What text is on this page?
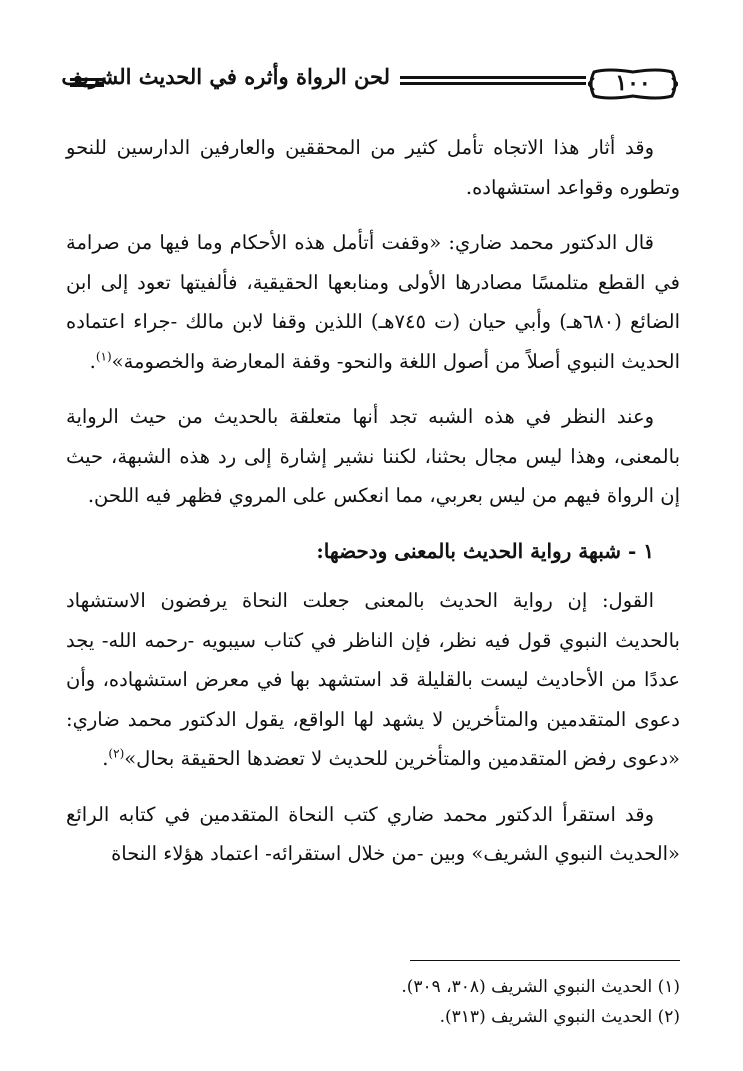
لحن الرواة وأثره في الحديث الشريف	١٠٠

وقد أثار هذا الاتجاه تأمل كثير من المحققين والعارفين الدارسين للنحو وتطوره وقواعد استشهاده.

قال الدكتور محمد ضاري: «وقفت أتأمل هذه الأحكام وما فيها من صرامة في القطع متلمسًا مصادرها الأولى ومنابعها الحقيقية، فألفيتها تعود إلى ابن الضائع (٦٨٠هـ) وأبي حيان (ت ٧٤٥هـ) اللذين وقفا لابن مالك -جراء اعتماده الحديث النبوي أصلاً من أصول اللغة والنحو- وقفة المعارضة والخصومة»$^{(١)}$.

وعند النظر في هذه الشبه تجد أنها متعلقة بالحديث من حيث الرواية بالمعنى، وهذا ليس مجال بحثنا، لكننا نشير إشارة إلى رد هذه الشبهة، حيث إن الرواة فيهم من ليس بعربي، مما انعكس على المروي فظهر فيه اللحن.

١ - شبهة رواية الحديث بالمعنى ودحضها:

القول: إن رواية الحديث بالمعنى جعلت النحاة يرفضون الاستشهاد بالحديث النبوي قول فيه نظر، فإن الناظر في كتاب سيبويه -رحمه الله- يجد عددًا من الأحاديث ليست بالقليلة قد استشهد بها في معرض استشهاده، وأن دعوى المتقدمين والمتأخرين لا يشهد لها الواقع، يقول الدكتور محمد ضاري: «دعوى رفض المتقدمين والمتأخرين للحديث لا تعضدها الحقيقة بحال»$^{(٢)}$.

وقد استقرأ الدكتور محمد ضاري كتب النحاة المتقدمين في كتابه الرائع «الحديث النبوي الشريف» وبين -من خلال استقرائه- اعتماد هؤلاء النحاة

(١) الحديث النبوي الشريف (٣٠٨، ٣٠٩).
(٢) الحديث النبوي الشريف (٣١٣).
